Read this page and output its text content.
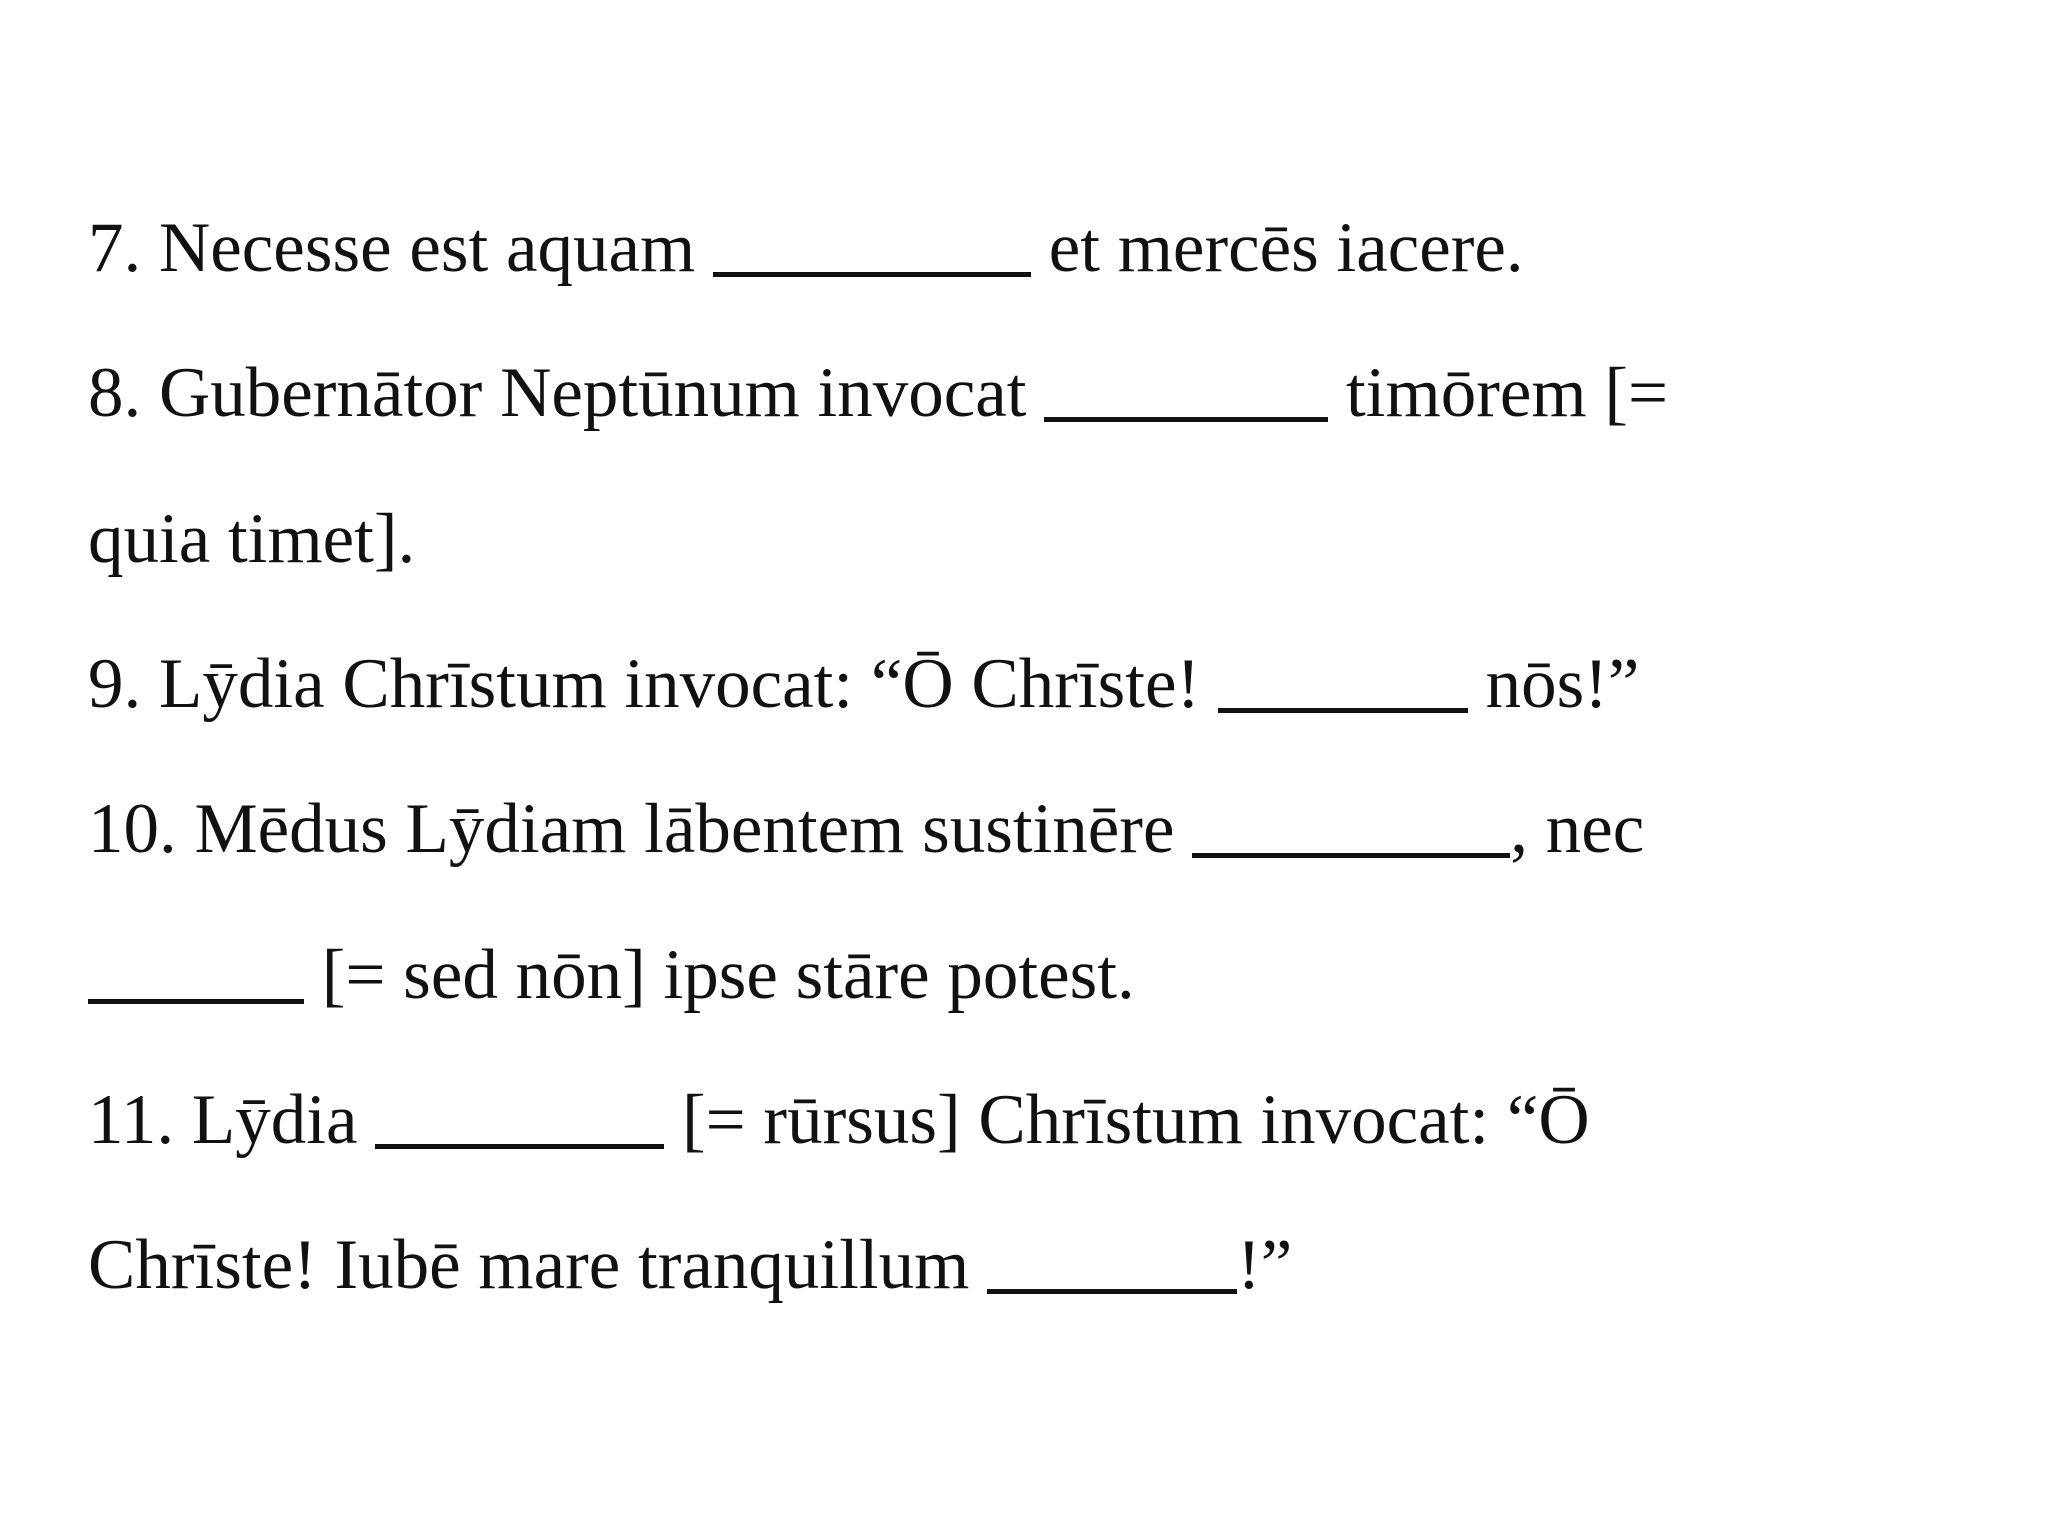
7. Necesse est aquam	et mercēs iacere.
8. Gubernātor Neptūnum invocat	timōrem [=
quia timet].
9. Lȳdia Chrīstum invocat: “Ō Chrīste!	nōs!”
10. Mēdus Lȳdiam lābentem sustinēre	, nec
[= sed nōn] ipse stāre potest.
11. Lȳdia	[= rūrsus] Chrīstum invocat: “Ō
Chrīste! Iubē mare tranquillum	!”
